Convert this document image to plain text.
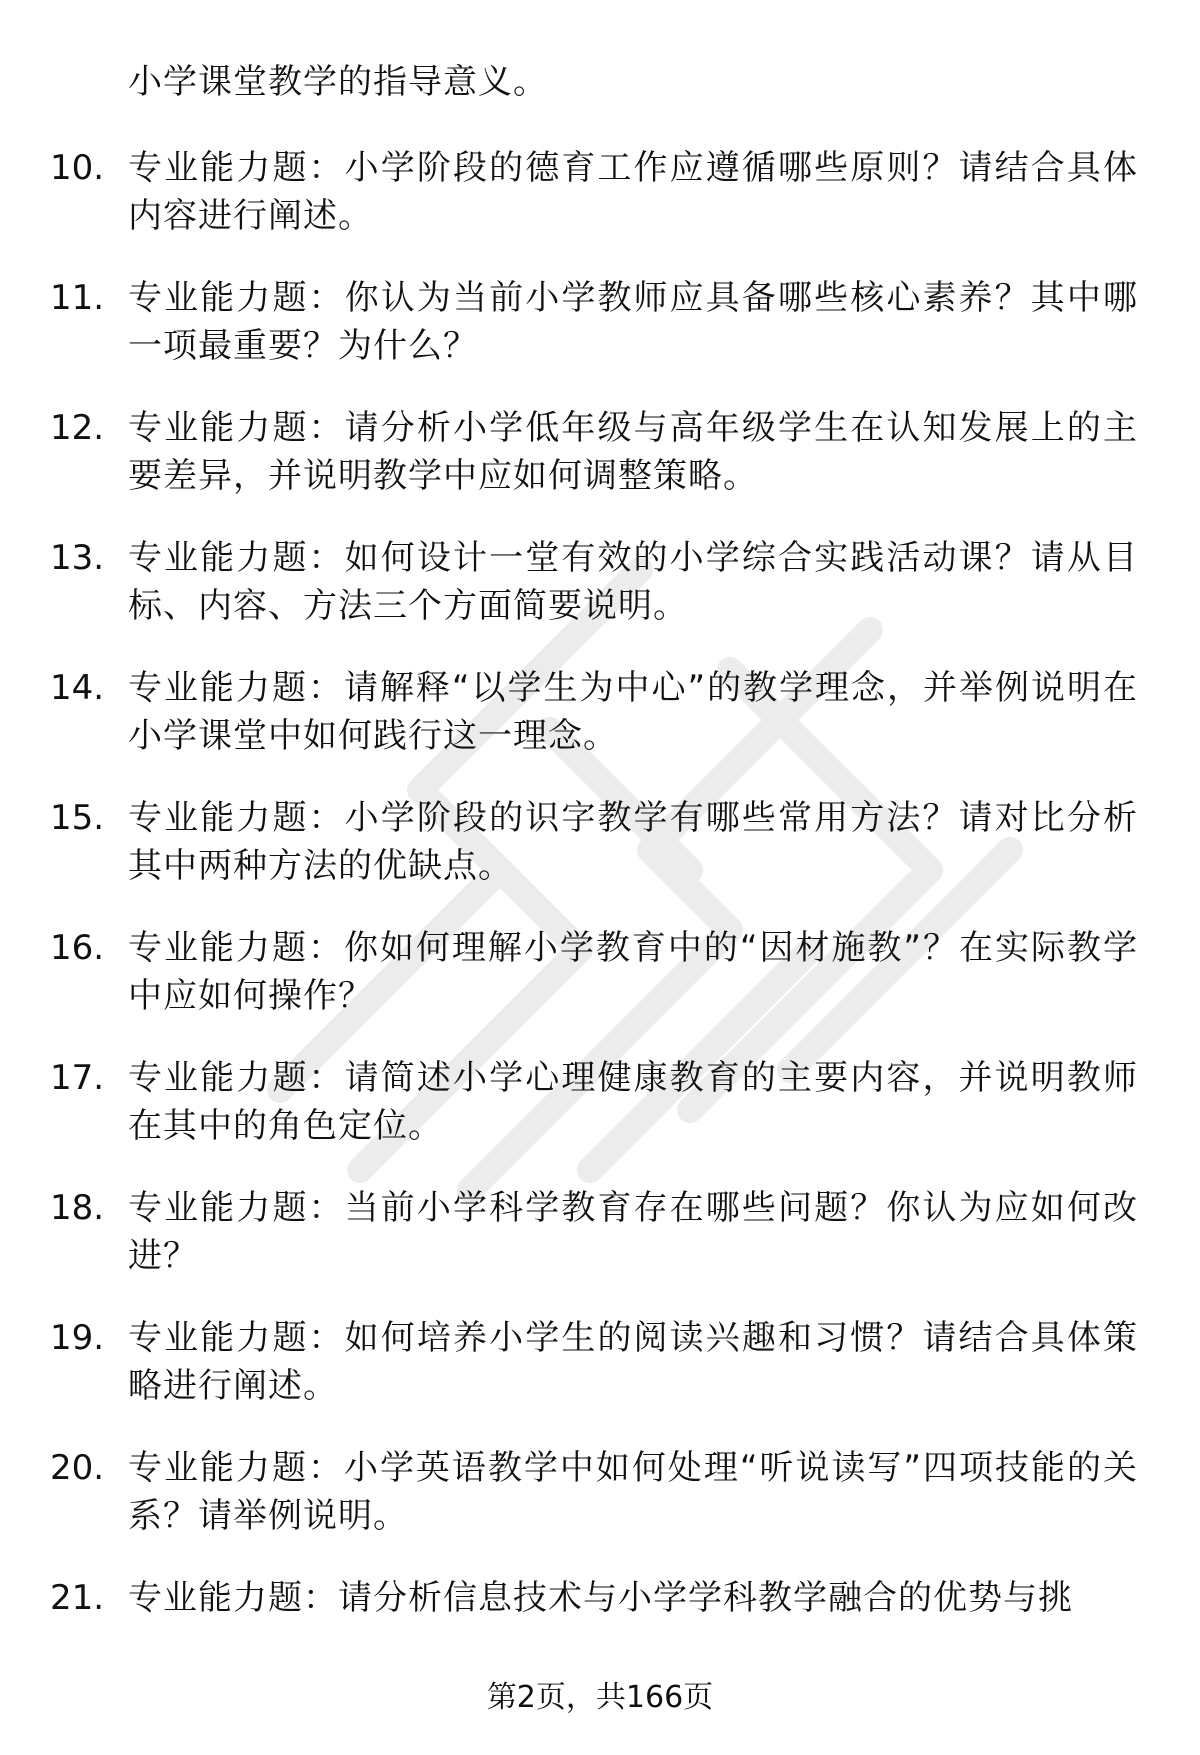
小学课堂教学的指导意义。
10. 专业能力题：小学阶段的德育工作应遵循哪些原则？请结合具体内容进行阐述。
11. 专业能力题：你认为当前小学教师应具备哪些核心素养？其中哪一项最重要？为什么？
12. 专业能力题：请分析小学低年级与高年级学生在认知发展上的主要差异，并说明教学中应如何调整策略。
13. 专业能力题：如何设计一堂有效的小学综合实践活动课？请从目标、内容、方法三个方面简要说明。
14. 专业能力题：请解释“以学生为中心”的教学理念，并举例说明在小学课堂中如何践行这一理念。
15. 专业能力题：小学阶段的识字教学有哪些常用方法？请对比分析其中两种方法的优缺点。
16. 专业能力题：你如何理解小学教育中的“因材施教”？在实际教学中应如何操作？
17. 专业能力题：请简述小学心理健康教育的主要内容，并说明教师在其中的角色定位。
18. 专业能力题：当前小学科学教育存在哪些问题？你认为应如何改进？
19. 专业能力题：如何培养小学生的阅读兴趣和习惯？请结合具体策略进行阐述。
20. 专业能力题：小学英语教学中如何处理“听说读写”四项技能的关系？请举例说明。
21. 专业能力题：请分析信息技术与小学学科教学融合的优势与挑
第2页，共166页
